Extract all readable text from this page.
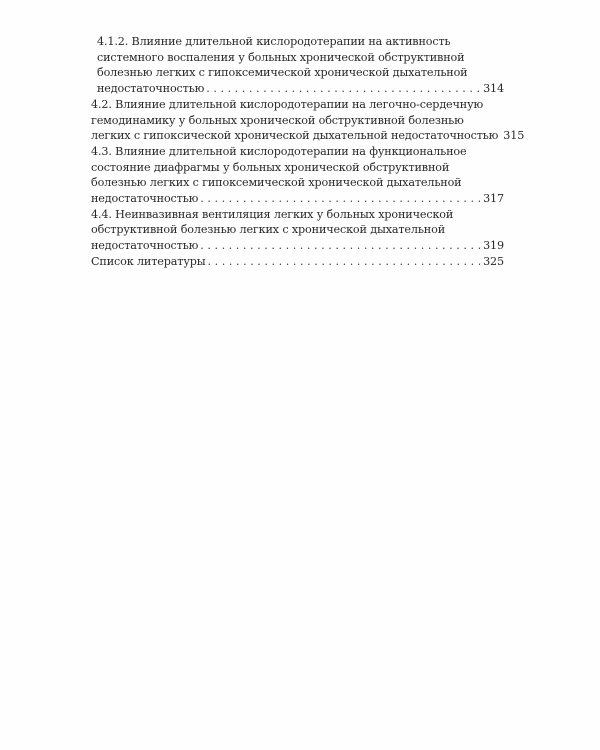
4.1.2. Влияние длительной кислородотерапии на активность
системного воспаления у больных хронической обструктивной
болезнью легких с гипоксемической хронической дыхательной
недостаточностью . . .	314
4.2. Влияние длительной кислородотерапии на легочно-сердечную
гемодинамику у больных хронической обструктивной болезнью
легких с гипоксической хронической дыхательной недостаточностью 315
4.3. Влияние длительной кислородотерапии на функциональное
состояние диафрагмы у больных хронической обструктивной
болезнью легких с гипоксемической хронической дыхательной
недостаточностью . . .	317
4.4. Неинвазивная вентиляция легких у больных хронической
обструктивной болезнью легких с хронической дыхательной
недостаточностью . . .	319
Список литературы . . .	325
